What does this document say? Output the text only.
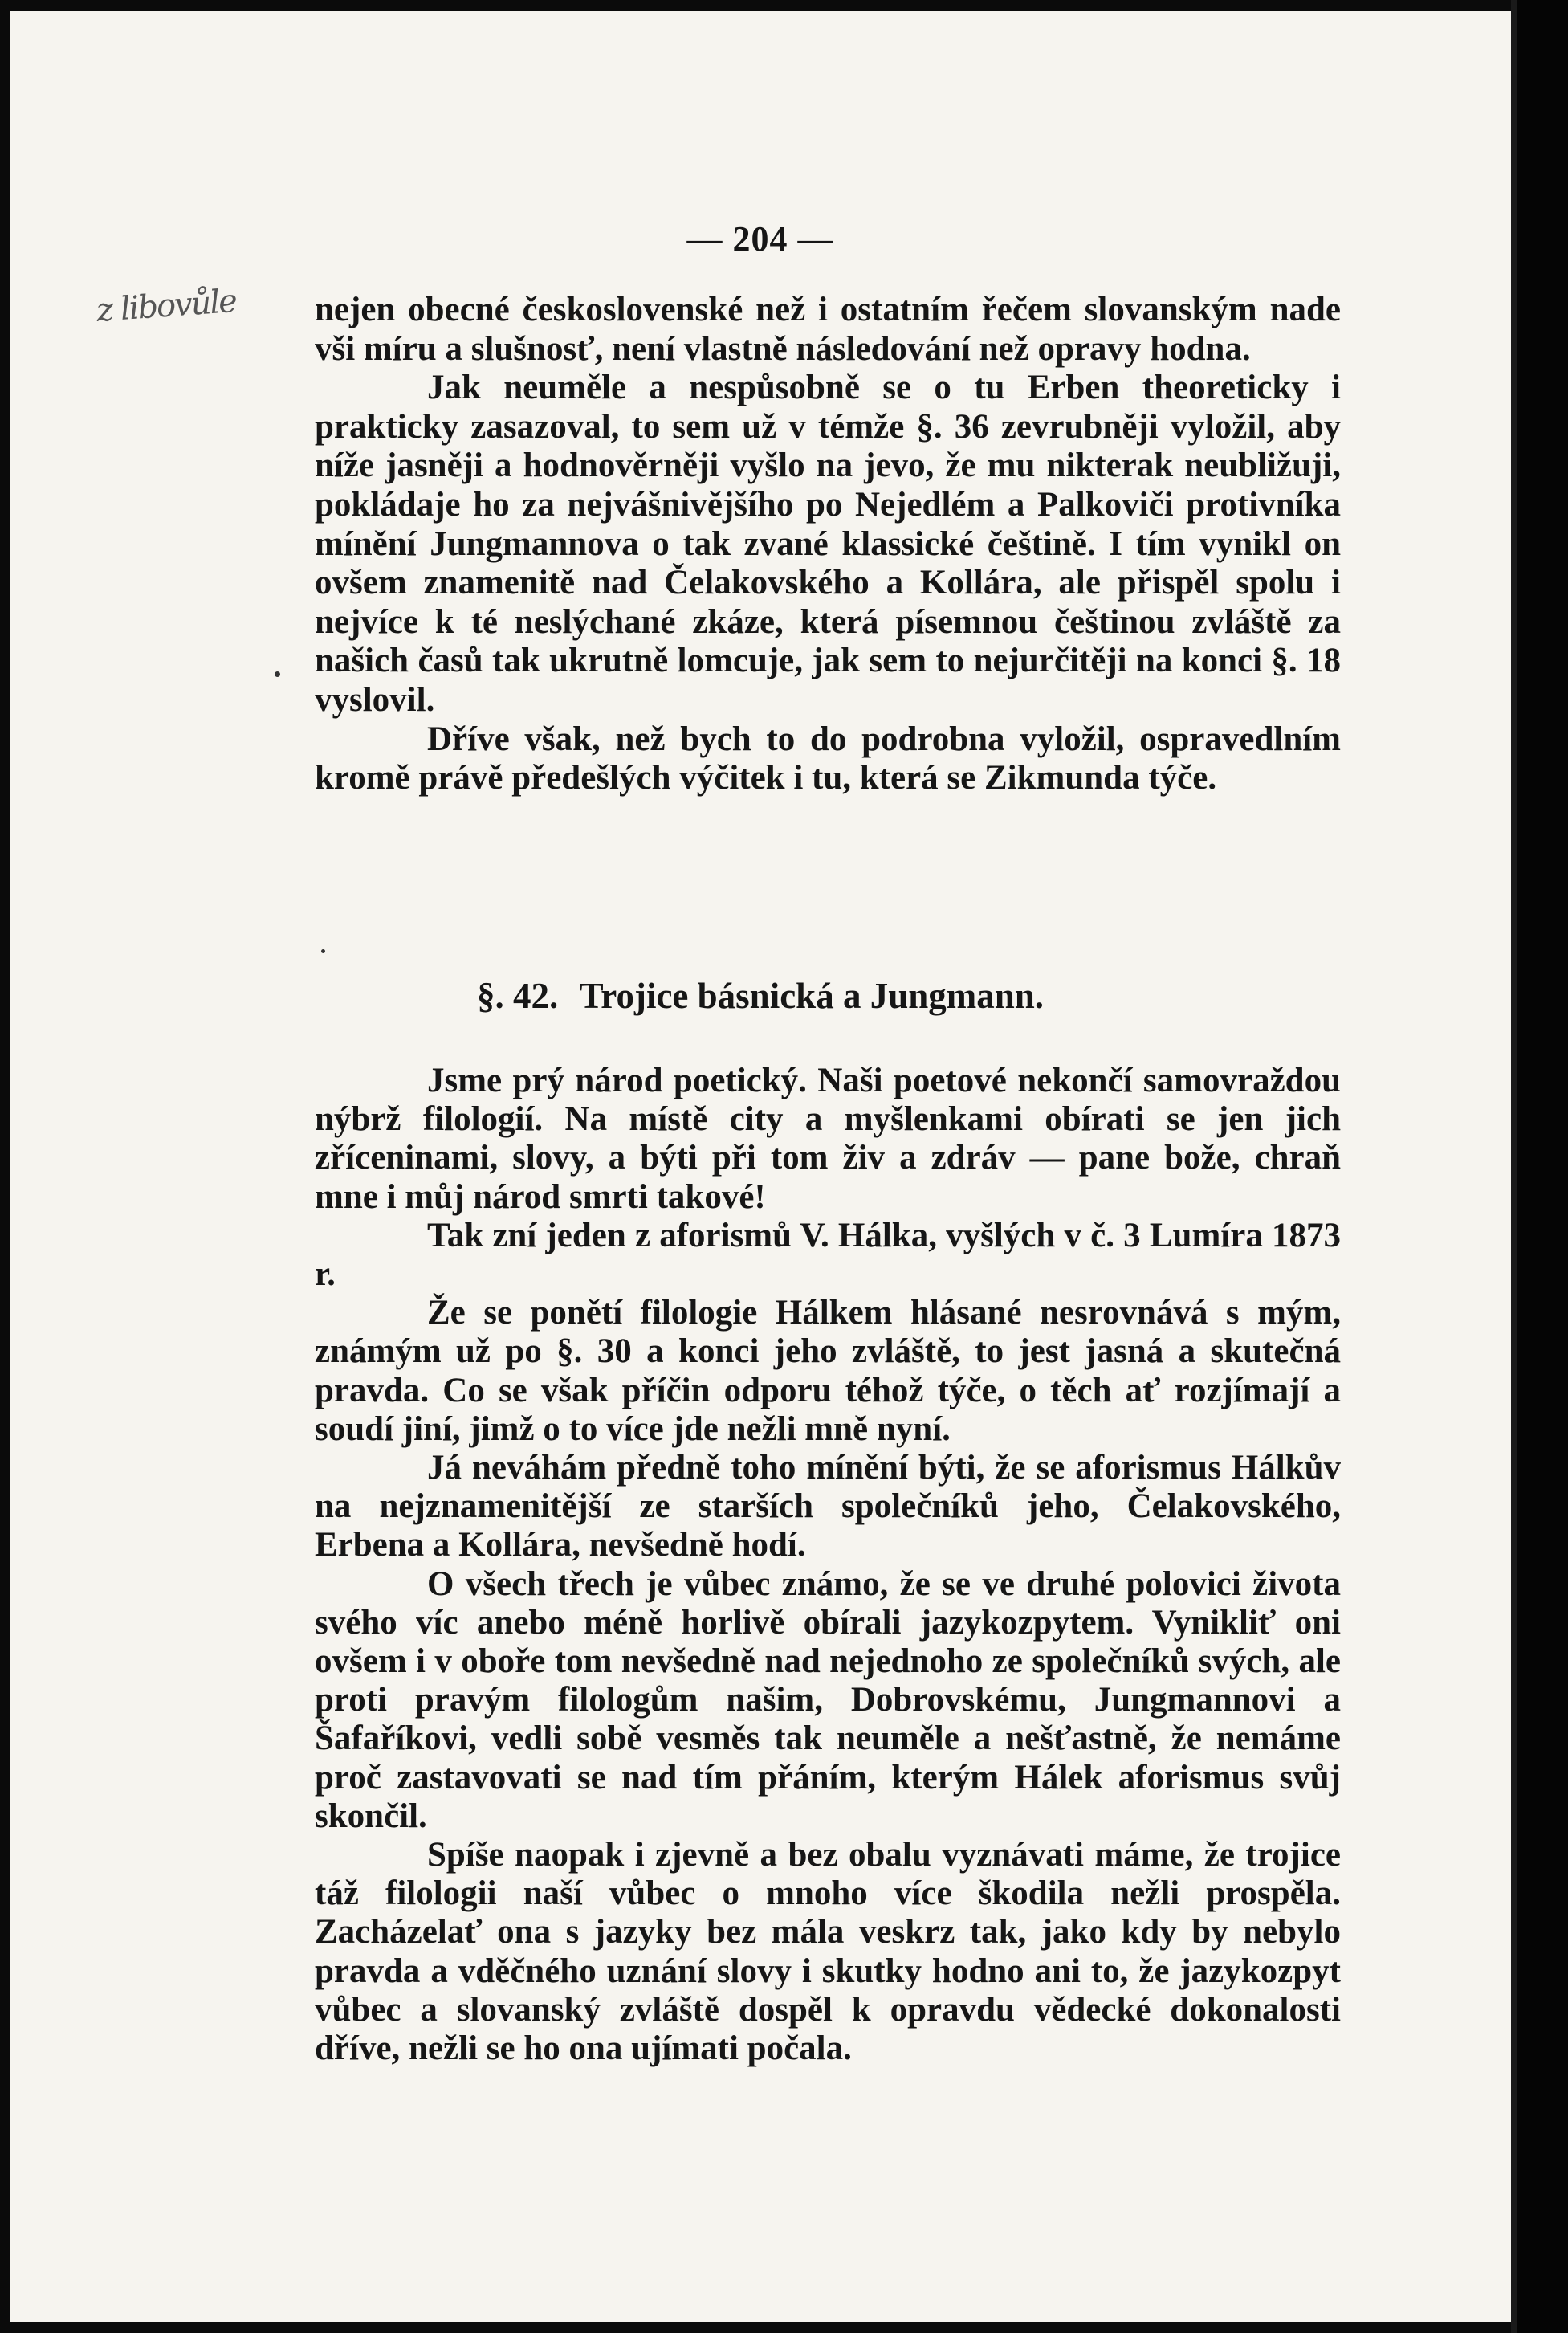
— 204 —
z libovůle nejen obecné československé než i ostatním řečem slovanským nade vši míru a slušnosť, není vlastně následování než opravy hodna.

Jak neuměle a nespůsobně se o tu Erben theoreticky i prakticky zasazoval, to sem už v témže §. 36 zevrubněji vyložil, aby níže jasněji a hodnověrněji vyšlo na jevo, že mu nikterak neubližuji, pokládaje ho za nejvášnivějšího po Nejedlém a Palkoviči protivníka mínění Jungmannova o tak zvané klassické češtině. I tím vynikl on ovšem znamenitě nad Čelakovského a Kollára, ale přispěl spolu i nejvíce k té neslýchané zkáze, která písemnou češtinou zvláště za našich časů tak ukrutně lomcuje, jak sem to nejurčitěji na konci §. 18 vyslovil.

Dříve však, než bych to do podrobna vyložil, ospravedlním kromě právě předešlých výčitek i tu, která se Zikmunda týče.

§. 42. Trojice básnická a Jungmann.

Jsme prý národ poetický. Naši poetové nekončí samovraždou nýbrž filologií. Na místě city a myšlenkami obírati se jen jich zříceninami, slovy, a býti při tom živ a zdráv — pane bože, chraň mne i můj národ smrti takové!

Tak zní jeden z aforismů V. Hálka, vyšlých v č. 3 Lumíra 1873 r.

Že se ponětí filologie Hálkem hlásané nesrovnává s mým, známým už po §. 30 a konci jeho zvláště, to jest jasná a skutečná pravda. Co se však příčin odporu téhož týče, o těch ať rozjímají a soudí jiní, jimž o to více jde nežli mně nyní.

Já neváhám předně toho mínění býti, že se aforismus Hálkův na nejznamenitější ze starších společníků jeho, Čelakovského, Erbena a Kollára, nevšedně hodí.

O všech třech je vůbec známo, že se ve druhé polovici života svého víc anebo méně horlivě obírali jazykozpytem. Vynikliť oni ovšem i v oboře tom nevšedně nad nejednoho ze společníků svých, ale proti pravým filologům našim, Dobrovskému, Jungmannovi a Šafaříkovi, vedli sobě vesměs tak neuměle a nešťastně, že nemáme proč zastavovati se nad tím přáním, kterým Hálek aforismus svůj skončil.

Spíše naopak i zjevně a bez obalu vyznávati máme, že trojice táž filologii naší vůbec o mnoho více škodila nežli prospěla. Zacházelať ona s jazyky bez mála veskrz tak, jako kdy by nebylo pravda a vděčného uznání slovy i skutky hodno ani to, že jazykozpyt vůbec a slovanský zvláště dospěl k opravdu vědecké dokonalosti dříve, nežli se ho ona ujímati počala.
